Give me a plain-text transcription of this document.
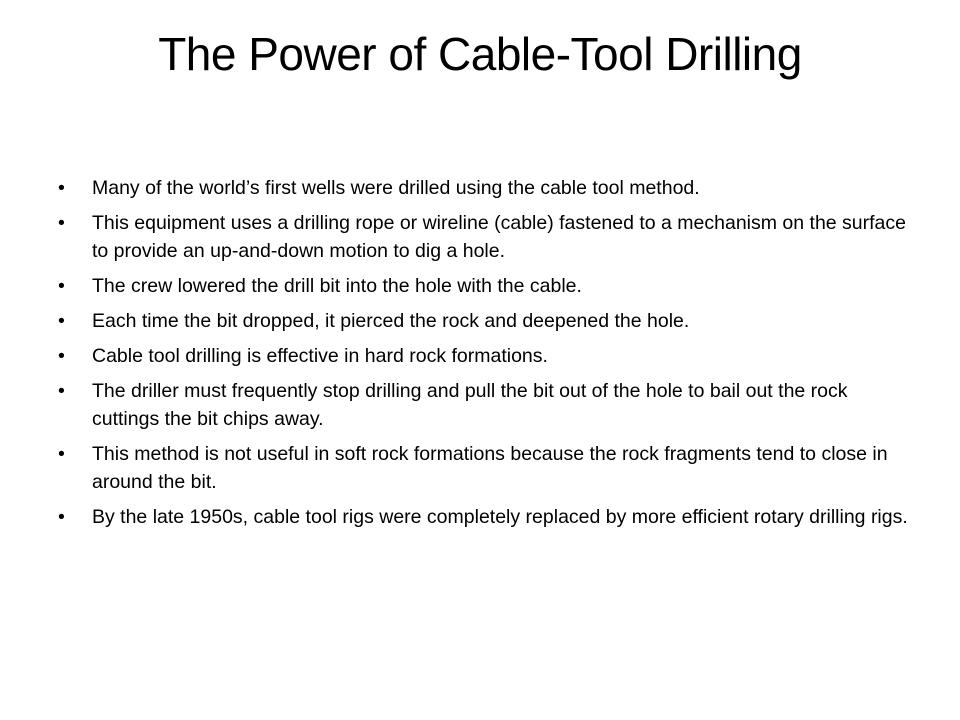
The Power of Cable-Tool Drilling
•	Many of the world’s first wells were drilled using the cable tool method.
•	This equipment uses a drilling rope or wireline (cable) fastened to a mechanism on the surface to provide an up-and-down motion to dig a hole.
•	The crew lowered the drill bit into the hole with the cable.
•	Each time the bit dropped, it pierced the rock and deepened the hole.
•	Cable tool drilling is effective in hard rock formations.
•	The driller must frequently stop drilling and pull the bit out of the hole to bail out the rock cuttings the bit chips away.
•	This method is not useful in soft rock formations because the rock fragments tend to close in around the bit.
•	By the late 1950s, cable tool rigs were completely replaced by more efficient rotary drilling rigs.
